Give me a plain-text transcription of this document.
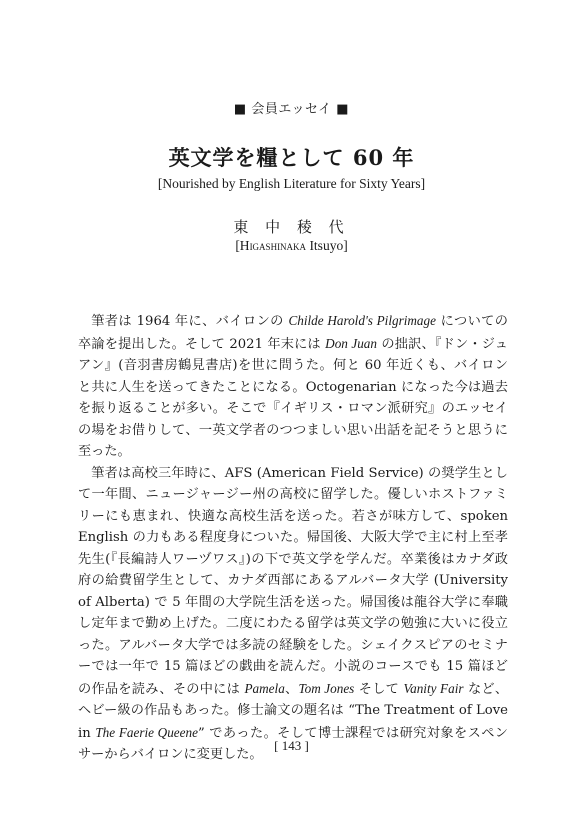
■ 会員エッセイ ■
英文学を糧として 60 年
[Nourished by English Literature for Sixty Years]
東 中 稜 代
[Higashinaka Itsuyo]

筆者は 1964 年に、バイロンの Childe Harold's Pilgrimage についての卒論を提出した。そして 2021 年末には Don Juan の拙訳、『ドン・ジュアン』(音羽書房鶴見書店)を世に問うた。何と 60 年近くも、バイロンと共に人生を送ってきたことになる。Octogenarian になった今は過去を振り返ることが多い。そこで『イギリス・ロマン派研究』のエッセイの場をお借りして、一英文学者のつつましい思い出話を記そうと思うに至った。

筆者は高校三年時に、AFS (American Field Service) の奨学生として一年間、ニュージャージー州の高校に留学した。優しいホストファミリーにも恵まれ、快適な高校生活を送った。若さが味方して、spoken English の力もある程度身についた。帰国後、大阪大学で主に村上至孝先生(『長編詩人ワーヅワス』)の下で英文学を学んだ。卒業後はカナダ政府の給費留学生として、カナダ西部にあるアルバータ大学 (University of Alberta) で 5 年間の大学院生活を送った。帰国後は龍谷大学に奉職し定年まで勤め上げた。二度にわたる留学は英文学の勉強に大いに役立った。アルバータ大学では多読の経験をした。シェイクスピアのセミナーでは一年で 15 篇ほどの戯曲を読んだ。小説のコースでも 15 篇ほどの作品を読み、その中には Pamela、Tom Jones そして Vanity Fair など、ヘビー級の作品もあった。修士論文の題名は “The Treatment of Love in The Faerie Queene” であった。そして博士課程では研究対象をスペンサーからバイロンに変更した。

[ 143 ]
